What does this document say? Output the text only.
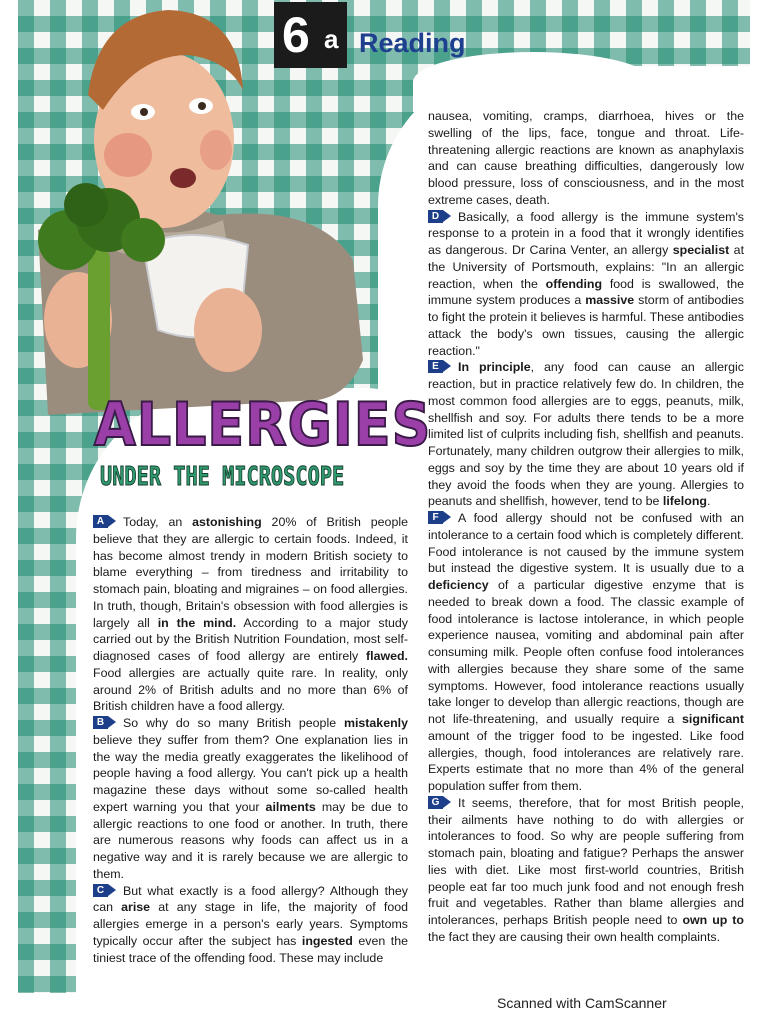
6 a Reading
ALLERGIES
UNDER THE MICROSCOPE

A	Today, an astonishing 20% of British people believe that they are allergic to certain foods. Indeed, it has become almost trendy in modern British society to blame everything – from tiredness and irritability to stomach pain, bloating and migraines – on food allergies. In truth, though, Britain's obsession with food allergies is largely all in the mind. According to a major study carried out by the British Nutrition Foundation, most self-diagnosed cases of food allergy are entirely flawed. Food allergies are actually quite rare. In reality, only around 2% of British adults and no more than 6% of British children have a food allergy.

B	So why do so many British people mistakenly believe they suffer from them? One explanation lies in the way the media greatly exaggerates the likelihood of people having a food allergy. You can't pick up a health magazine these days without some so-called health expert warning you that your ailments may be due to allergic reactions to one food or another. In truth, there are numerous reasons why foods can affect us in a negative way and it is rarely because we are allergic to them.

C	But what exactly is a food allergy? Although they can arise at any stage in life, the majority of food allergies emerge in a person's early years. Symptoms typically occur after the subject has ingested even the tiniest trace of the offending food. These may include

nausea, vomiting, cramps, diarrhoea, hives or the swelling of the lips, face, tongue and throat. Life-threatening allergic reactions are known as anaphylaxis and can cause breathing difficulties, dangerously low blood pressure, loss of consciousness, and in the most extreme cases, death.

D	Basically, a food allergy is the immune system's response to a protein in a food that it wrongly identifies as dangerous. Dr Carina Venter, an allergy specialist at the University of Portsmouth, explains: "In an allergic reaction, when the offending food is swallowed, the immune system produces a massive storm of antibodies to fight the protein it believes is harmful. These antibodies attack the body's own tissues, causing the allergic reaction."

E	In principle, any food can cause an allergic reaction, but in practice relatively few do. In children, the most common food allergies are to eggs, peanuts, milk, shellfish and soy. For adults there tends to be a more limited list of culprits including fish, shellfish and peanuts. Fortunately, many children outgrow their allergies to milk, eggs and soy by the time they are about 10 years old if they avoid the foods when they are young. Allergies to peanuts and shellfish, however, tend to be lifelong.

F	A food allergy should not be confused with an intolerance to a certain food which is completely different. Food intolerance is not caused by the immune system but instead the digestive system. It is usually due to a deficiency of a particular digestive enzyme that is needed to break down a food. The classic example of food intolerance is lactose intolerance, in which people experience nausea, vomiting and abdominal pain after consuming milk. People often confuse food intolerances with allergies because they share some of the same symptoms. However, food intolerance reactions usually take longer to develop than allergic reactions, though are not life-threatening, and usually require a significant amount of the trigger food to be ingested. Like food allergies, though, food intolerances are relatively rare. Experts estimate that no more than 4% of the general population suffer from them.

G It seems, therefore, that for most British people, their ailments have nothing to do with allergies or intolerances to food. So why are people suffering from stomach pain, bloating and fatigue? Perhaps the answer lies with diet. Like most first-world countries, British people eat far too much junk food and not enough fresh fruit and vegetables. Rather than blame allergies and intolerances, perhaps British people need to own up to the fact they are causing their own health complaints.

Scanned with CamScanner
